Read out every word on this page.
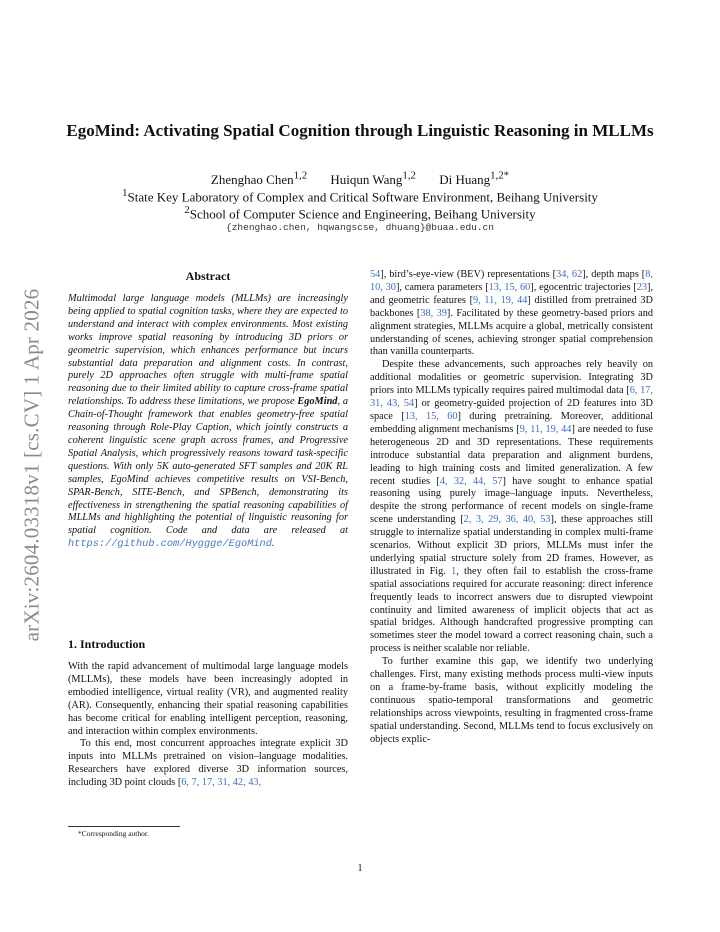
arXiv:2604.03318v1 [cs.CV] 1 Apr 2026
EgoMind: Activating Spatial Cognition through Linguistic Reasoning in MLLMs
Zhenghao Chen$^{1,2}$ Huiqun Wang$^{1,2}$ Di Huang$^{1,2*}$
$^1$State Key Laboratory of Complex and Critical Software Environment, Beihang University
$^2$School of Computer Science and Engineering, Beihang University
{zhenghao.chen, hqwangscse, dhuang}@buaa.edu.cn
Abstract

Multimodal large language models (MLLMs) are increasingly being applied to spatial cognition tasks, where they are expected to understand and interact with complex environments. Most existing works improve spatial reasoning by introducing 3D priors or geometric supervision, which enhances performance but incurs substantial data preparation and alignment costs. In contrast, purely 2D approaches often struggle with multi-frame spatial reasoning due to their limited ability to capture cross-frame spatial relationships. To address these limitations, we propose EgoMind, a Chain-of-Thought framework that enables geometry-free spatial reasoning through Role-Play Caption, which jointly constructs a coherent linguistic scene graph across frames, and Progressive Spatial Analysis, which progressively reasons toward task-specific questions. With only 5K auto-generated SFT samples and 20K RL samples, EgoMind achieves competitive results on VSI-Bench, SPAR-Bench, SITE-Bench, and SPBench, demonstrating its effectiveness in strengthening the spatial reasoning capabilities of MLLMs and highlighting the potential of linguistic reasoning for spatial cognition. Code and data are released at https://github.com/Hyggge/EgoMind.

1. Introduction

With the rapid advancement of multimodal large language models (MLLMs), these models have been increasingly adopted in embodied intelligence, virtual reality (VR), and augmented reality (AR). Consequently, enhancing their spatial reasoning capabilities has become critical for enabling intelligent perception, reasoning, and interaction within complex environments.

To this end, most concurrent approaches integrate explicit 3D inputs into MLLMs pretrained on vision–language modalities. Researchers have explored diverse 3D information sources, including 3D point clouds [6, 7, 17, 31, 42, 43,

54], bird’s-eye-view (BEV) representations [34, 62], depth maps [8, 10, 30], camera parameters [13, 15, 60], egocentric trajectories [23], and geometric features [9, 11, 19, 44] distilled from pretrained 3D backbones [38, 39]. Facilitated by these geometry-based priors and alignment strategies, MLLMs acquire a global, metrically consistent understanding of scenes, achieving stronger spatial comprehension than vanilla counterparts.

Despite these advancements, such approaches rely heavily on additional modalities or geometric supervision. Integrating 3D priors into MLLMs typically requires paired multimodal data [6, 17, 31, 43, 54] or geometry-guided projection of 2D features into 3D space [13, 15, 60] during pretraining. Moreover, additional embedding alignment mechanisms [9, 11, 19, 44] are needed to fuse heterogeneous 2D and 3D representations. These requirements introduce substantial data preparation and alignment burdens, leading to high training costs and limited generalization. A few recent studies [4, 32, 44, 57] have sought to enhance spatial reasoning using purely image–language inputs. Nevertheless, despite the strong performance of recent models on single-frame scene understanding [2, 3, 29, 36, 40, 53], these approaches still struggle to internalize spatial understanding in complex multi-frame scenarios. Without explicit 3D priors, MLLMs must infer the underlying spatial structure solely from 2D frames. However, as illustrated in Fig. 1, they often fail to establish the cross-frame spatial associations required for accurate reasoning: direct inference frequently leads to incorrect answers due to disrupted viewpoint continuity and limited awareness of implicit objects that act as spatial bridges. Although handcrafted progressive prompting can sometimes steer the model toward a correct reasoning chain, such a process is neither scalable nor reliable.

To further examine this gap, we identify two underlying challenges. First, many existing methods process multi-view inputs on a frame-by-frame basis, without explicitly modeling the continuous spatio-temporal transformations and geometric relationships across viewpoints, resulting in fragmented cross-frame spatial understanding. Second, MLLMs tend to focus exclusively on objects explic-

*Corresponding author.
1
